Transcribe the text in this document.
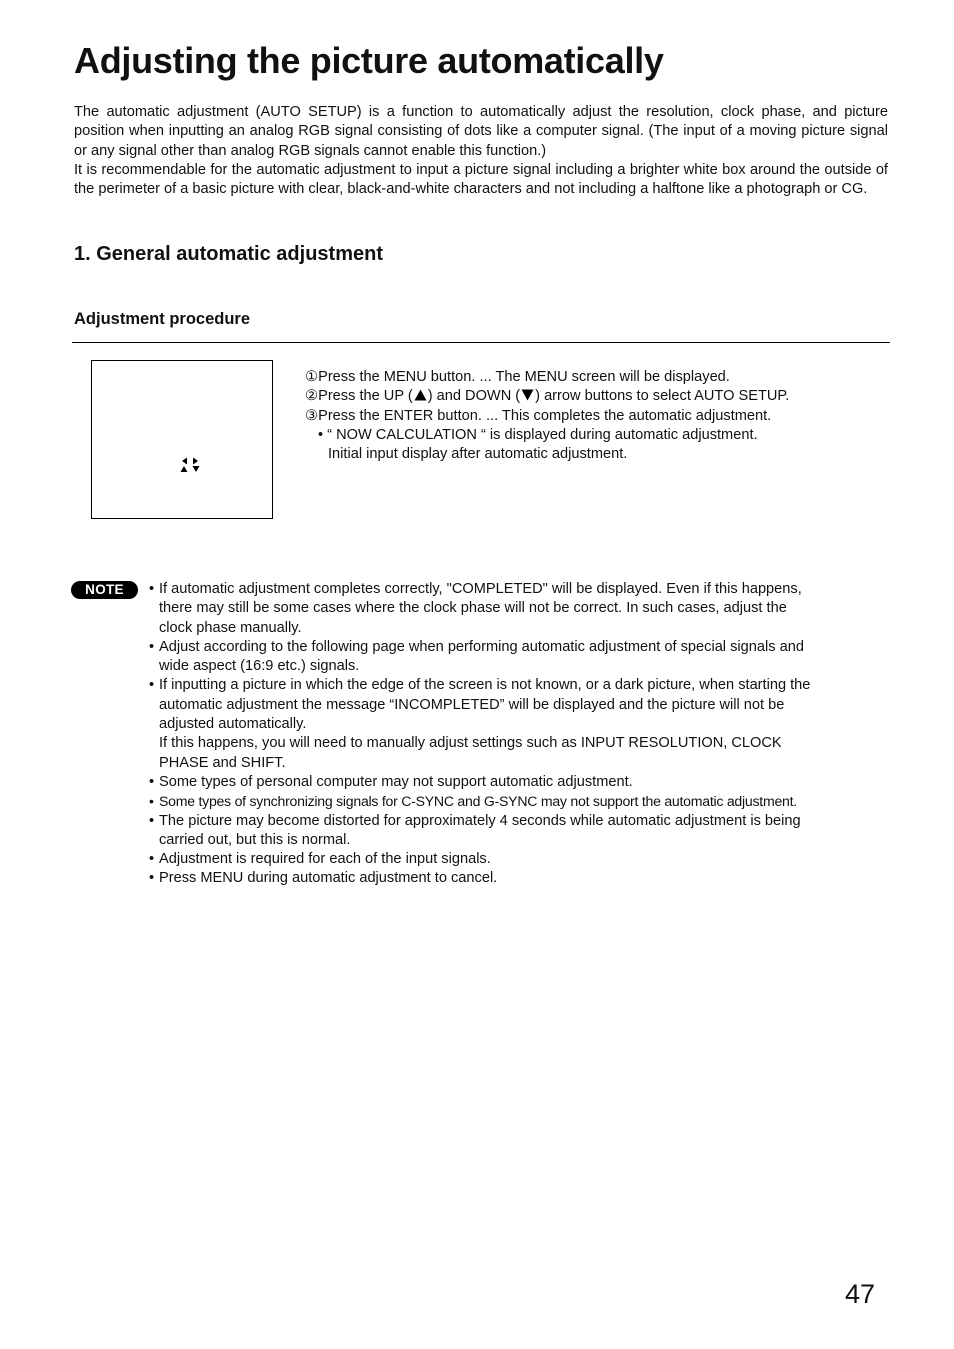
Adjusting the picture automatically
The automatic adjustment (AUTO SETUP) is a function to automatically adjust the resolution, clock phase, and picture position when inputting an analog RGB signal consisting of dots like a computer signal. (The input of a moving picture signal or any signal other than analog RGB signals cannot enable this function.)
It is recommendable for the automatic adjustment to input a picture signal including a brighter white box around the outside of the perimeter of a basic picture with clear, black-and-white characters and not including a halftone like a photograph or CG.
1. General automatic adjustment
Adjustment procedure
①Press the MENU button. ... The MENU screen will be displayed.
②Press the UP ( ) and DOWN ( ) arrow buttons to select AUTO SETUP.
③Press the ENTER button. ... This completes the automatic adjustment.
• “ NOW CALCULATION “ is displayed during automatic adjustment.
Initial input display after automatic adjustment.
NOTE
•	If automatic adjustment completes correctly, "COMPLETED" will be displayed. Even if this happens,
there may still be some cases where the clock phase will not be correct. In such cases, adjust the
clock phase manually.
• Adjust according to the following page when performing automatic adjustment of special signals and
wide aspect (16:9 etc.) signals.
• If inputting a picture in which the edge of the screen is not known, or a dark picture, when starting the
automatic adjustment the message “INCOMPLETED” will be displayed and the picture will not be
adjusted automatically.
If this happens, you will need to manually adjust settings such as INPUT RESOLUTION, CLOCK
PHASE and SHIFT.
• Some types of personal computer may not support automatic adjustment.
• Some types of synchronizing signals for C-SYNC and G-SYNC may not support the automatic adjustment.
• The picture may become distorted for approximately 4 seconds while automatic adjustment is being
carried out, but this is normal.
• Adjustment is required for each of the input signals.
• Press MENU during automatic adjustment to cancel.
47
